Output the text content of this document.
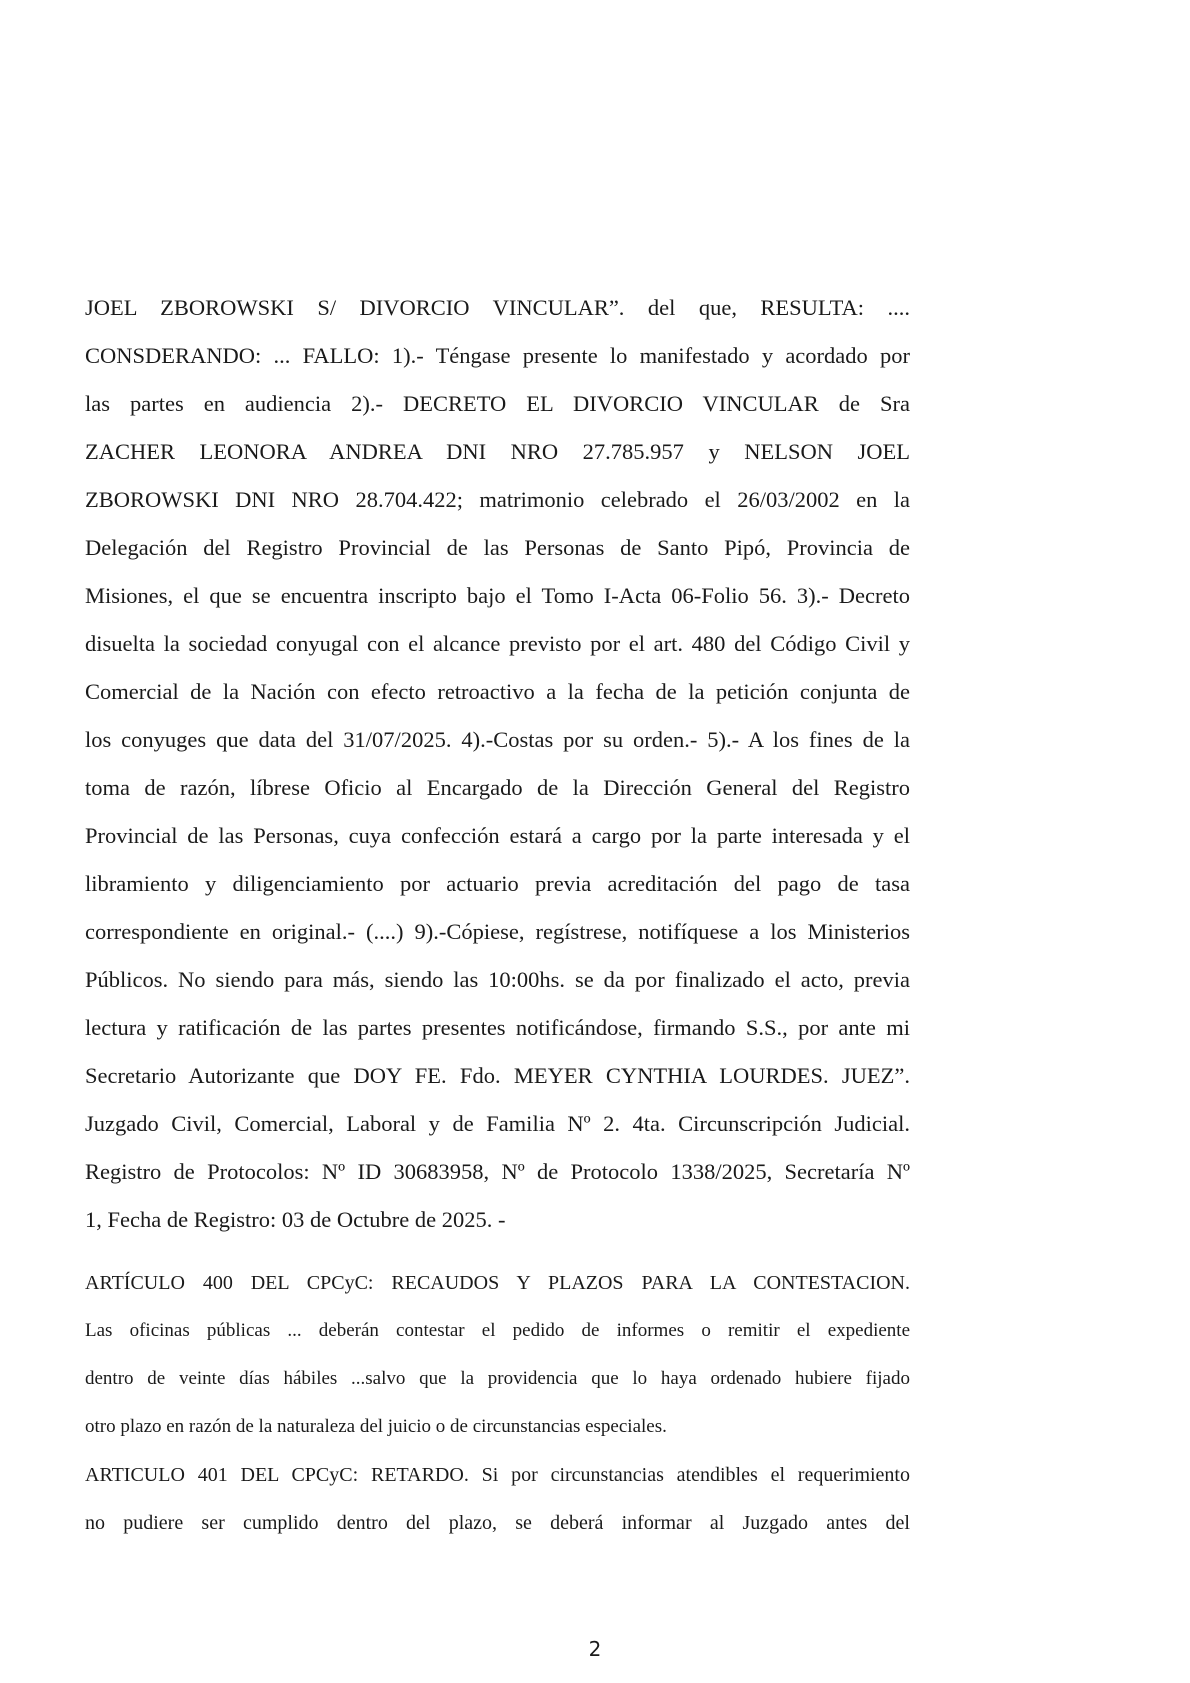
JOEL ZBOROWSKI S/ DIVORCIO VINCULAR”. del que, RESULTA: ....
CONSDERANDO: ... FALLO: 1).- Téngase presente lo manifestado y acordado por
las partes en audiencia 2).- DECRETO EL DIVORCIO VINCULAR de Sra
ZACHER LEONORA ANDREA DNI NRO 27.785.957 y NELSON JOEL
ZBOROWSKI DNI NRO 28.704.422; matrimonio celebrado el 26/03/2002 en la
Delegación del Registro Provincial de las Personas de Santo Pipó, Provincia de
Misiones, el que se encuentra inscripto bajo el Tomo I-Acta 06-Folio 56. 3).- Decreto
disuelta la sociedad conyugal con el alcance previsto por el art. 480 del Código Civil y
Comercial de la Nación con efecto retroactivo a la fecha de la petición conjunta de
los conyuges que data del 31/07/2025. 4).-Costas por su orden.- 5).- A los fines de la
toma de razón, líbrese Oficio al Encargado de la Dirección General del Registro
Provincial de las Personas, cuya confección estará a cargo por la parte interesada y el
libramiento y diligenciamiento por actuario previa acreditación del pago de tasa
correspondiente en original.- (....) 9).-Cópiese, regístrese, notifíquese a los Ministerios
Públicos. No siendo para más, siendo las 10:00hs. se da por finalizado el acto, previa
lectura y ratificación de las partes presentes notificándose, firmando S.S., por ante mi
Secretario Autorizante que DOY FE. Fdo. MEYER CYNTHIA LOURDES. JUEZ”.
Juzgado Civil, Comercial, Laboral y de Familia Nº 2. 4ta. Circunscripción Judicial.
Registro de Protocolos: Nº ID 30683958, Nº de Protocolo 1338/2025, Secretaría Nº
1, Fecha de Registro: 03 de Octubre de 2025. -
ARTÍCULO 400 DEL CPCyC: RECAUDOS Y PLAZOS PARA LA CONTESTACION.
Las oficinas públicas ... deberán contestar el pedido de informes o remitir el expediente
dentro de veinte días hábiles ...salvo que la providencia que lo haya ordenado hubiere fijado
otro plazo en razón de la naturaleza del juicio o de circunstancias especiales.
ARTICULO 401 DEL CPCyC: RETARDO. Si por circunstancias atendibles el requerimiento
no pudiere ser cumplido dentro del plazo, se deberá informar al Juzgado antes del
2
